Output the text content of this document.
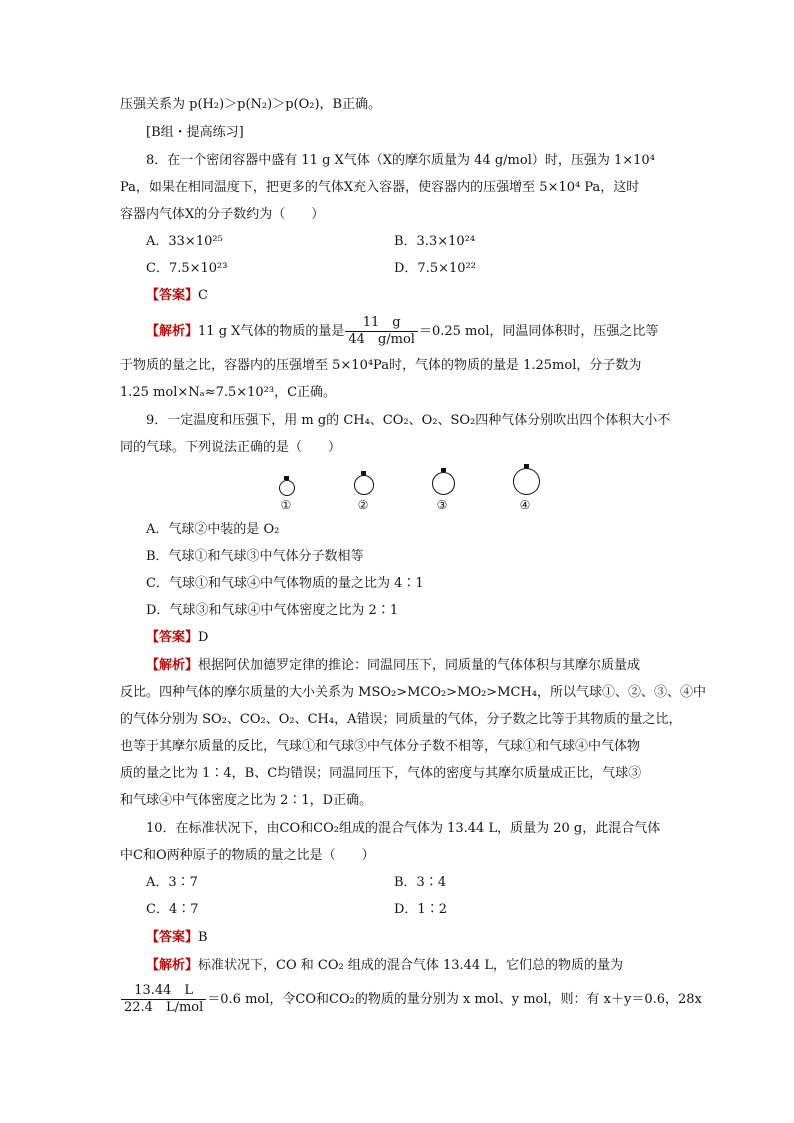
压强关系为 p(H₂)＞p(N₂)＞p(O₂)，B正确。
[B组・提高练习]
8．在一个密闭容器中盛有 11 g X气体（X的摩尔质量为 44 g/mol）时，压强为 1×10⁴
Pa，如果在相同温度下，把更多的气体X充入容器，使容器内的压强增至 5×10⁴ Pa，这时
容器内气体X的分子数约为（　　）
A．33×10²⁵	B．3.3×10²⁴
C．7.5×10²³	D．7.5×10²²
【答案】C
【解析】11 g X气体的物质的量是 $\frac{11 g}{\text{44　g/mol}} =0.25$ mol，同温同体积时，压强之比等
于物质的量之比，容器内的压强增至 5×10⁴Pa时，气体的物质的量是 1.25mol，分子数为
1.25 mol×Nₐ≈7.5×10²³，C正确。
9．一定温度和压强下，用 m g的 CH₄、CO₂、O₂、SO₂四种气体分别吹出四个体积大小不
同的气球。下列说法正确的是（　　）
①	②	③	④
A．气球②中装的是 O₂
B．气球①和气球③中气体分子数相等
C．气球①和气球④中气体物质的量之比为 4∶1
D．气球③和气球④中气体密度之比为 2∶1
【答案】D
【解析】根据阿伏加德罗定律的推论：同温同压下，同质量的气体体积与其摩尔质量成
反比。四种气体的摩尔质量的大小关系为 MSO₂>MCO₂>MO₂>MCH₄，所以气球①、②、③、④中
的气体分别为 SO₂、CO₂、O₂、CH₄，A错误；同质量的气体，分子数之比等于其物质的量之比，
也等于其摩尔质量的反比，气球①和气球③中气体分子数不相等，气球①和气球④中气体物
质的量之比为 1∶4，B、C均错误；同温同压下，气体的密度与其摩尔质量成正比，气球③
和气球④中气体密度之比为 2∶1，D正确。
10．在标准状况下，由CO和CO₂组成的混合气体为 13.44 L，质量为 20 g，此混合气体
中C和O两种原子的物质的量之比是（　　）
A．3∶7	B．3∶4
C．4∶7	D．1∶2
【答案】B
【解析】标准状况下，CO 和 CO₂ 组成的混合气体 13.44 L，它们总的物质的量为
$\frac{13.44 L}{\text{22.4　L/mol}} =0.6$ mol，令CO和CO₂的物质的量分别为 x mol、y mol，则：有 x＋y＝0.6，28x
